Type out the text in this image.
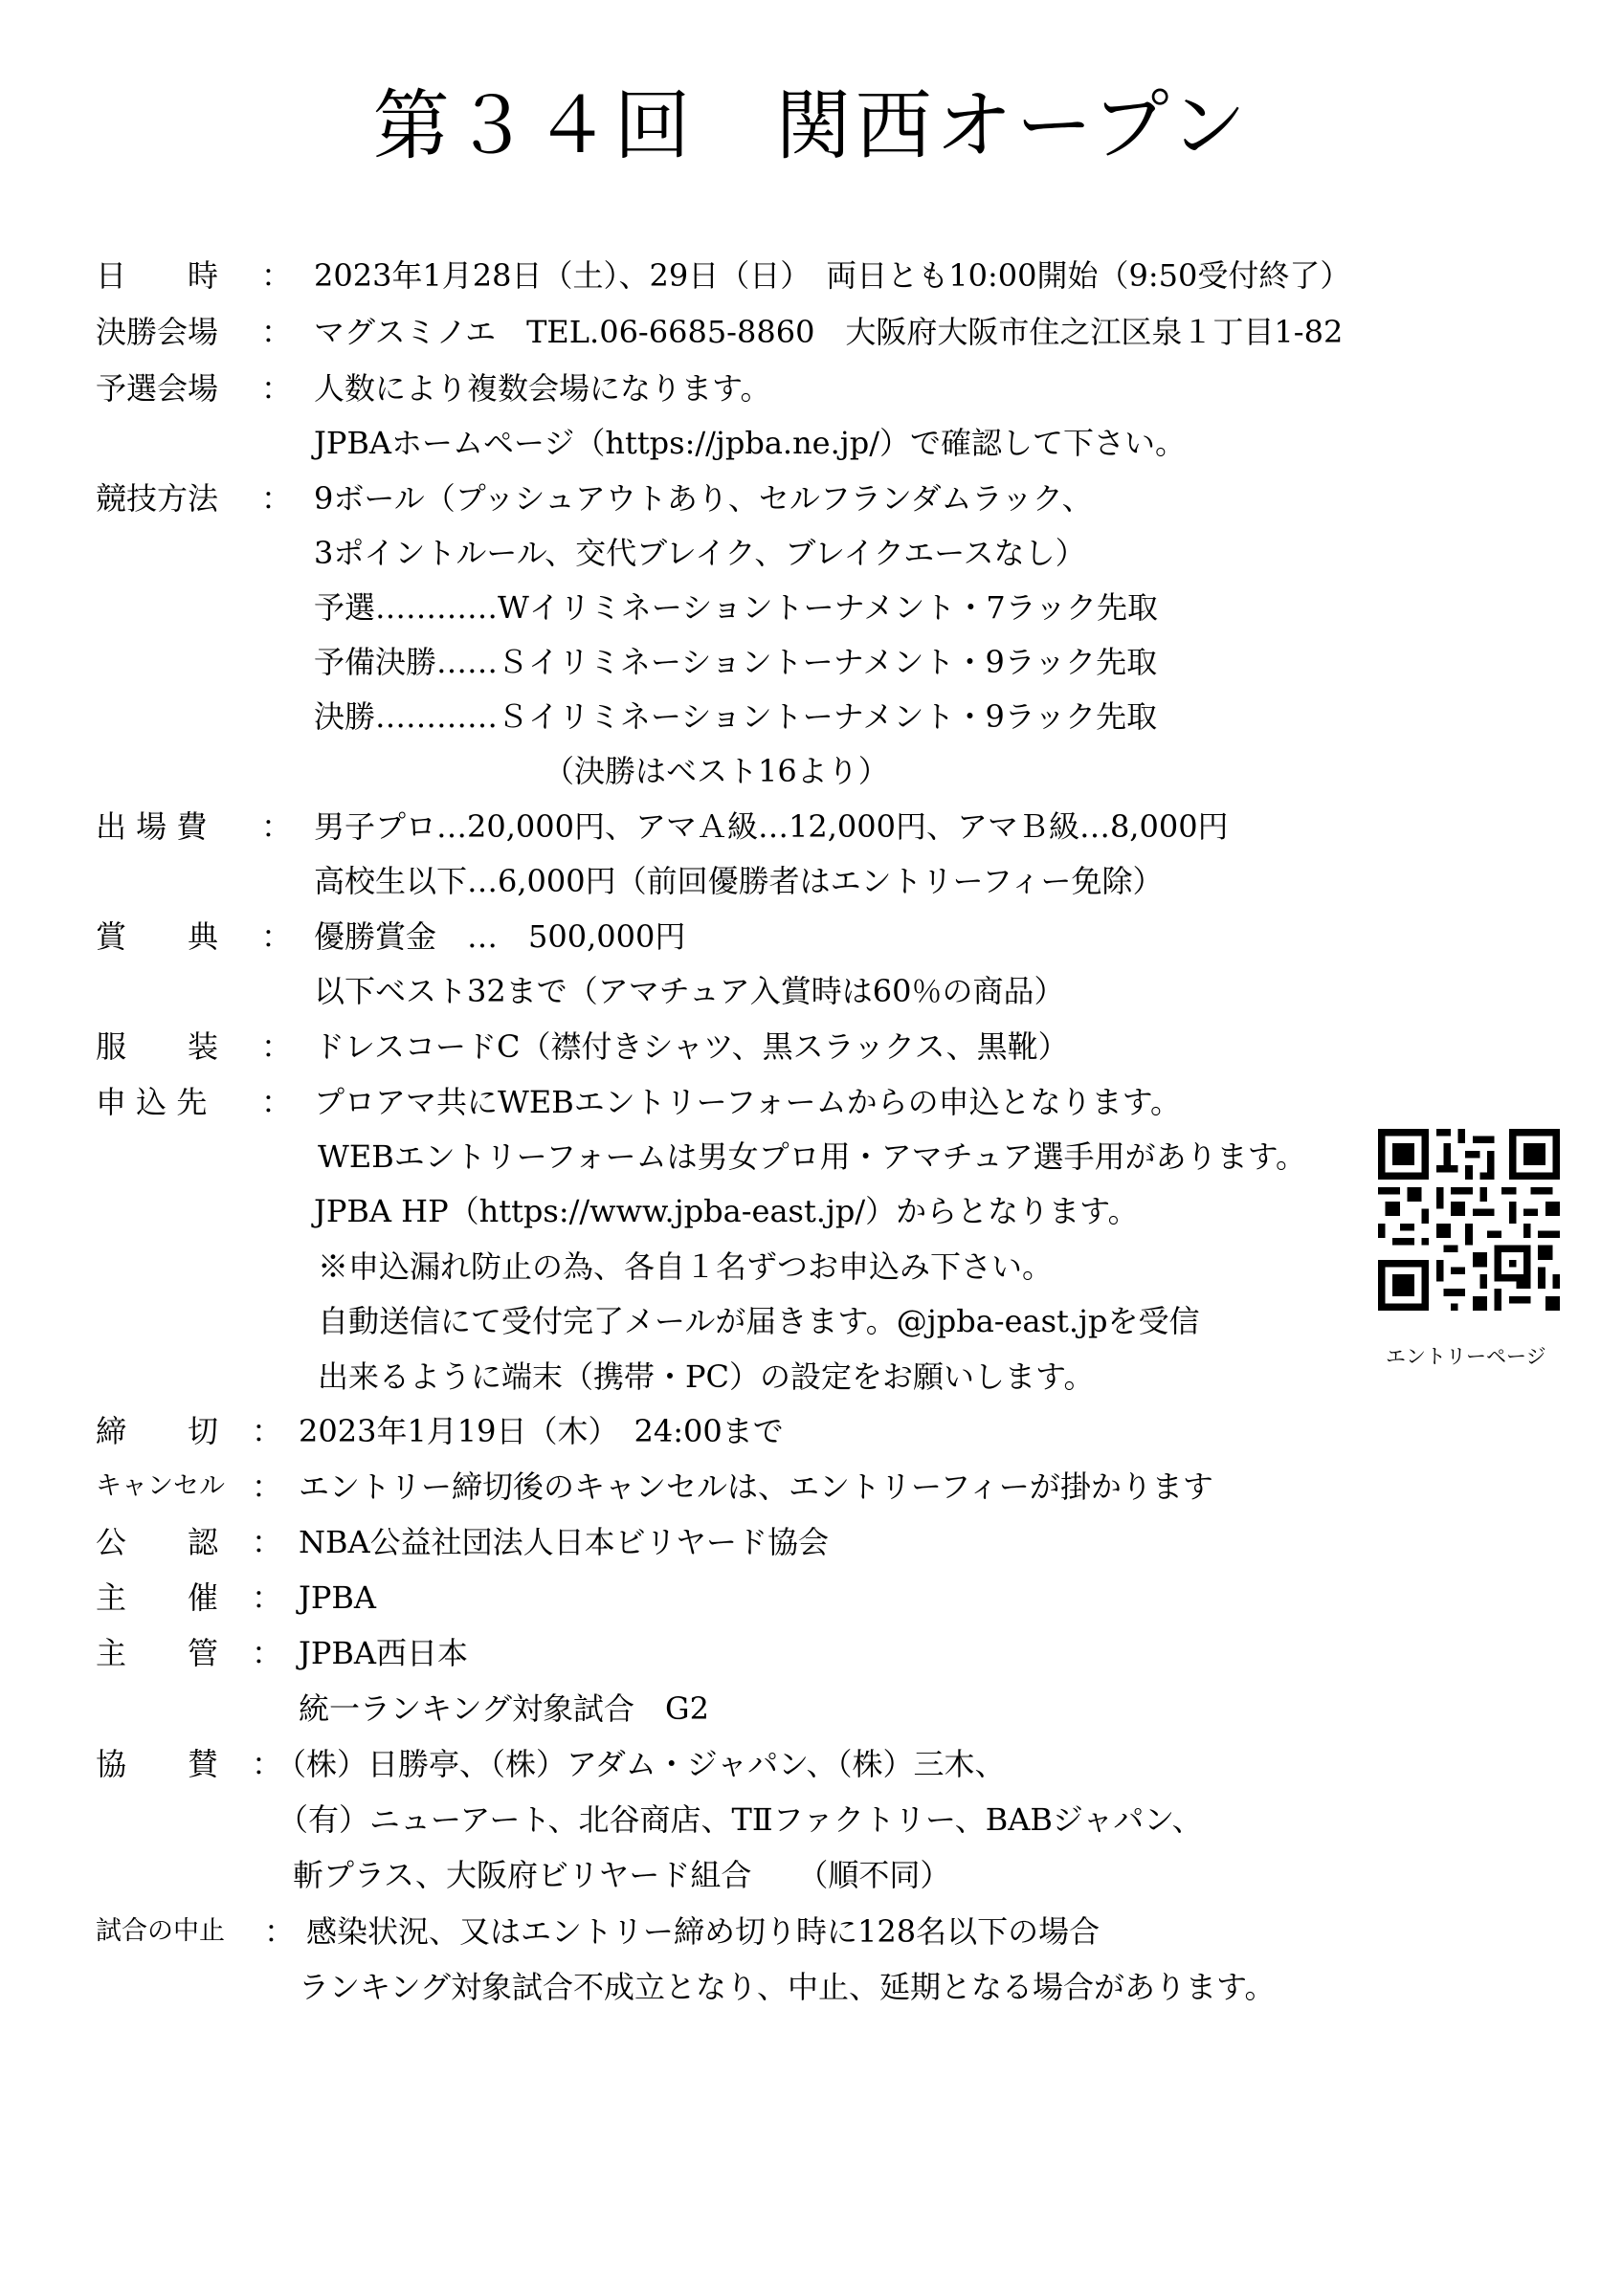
第３４回　関西オープン
日　　時 ： 2023年1月28日（土）、29日（日）　両日とも10:00開始（9:50受付終了）
決勝会場 ： マグスミノエ　TEL.06-6685-8860　大阪府大阪市住之江区泉１丁目1-82
予選会場 ： 人数により複数会場になります。
JPBAホームページ（https://jpba.ne.jp/）で確認して下さい。
競技方法 ： 9ボール（プッシュアウトあり、セルフランダムラック、
3ポイントルール、交代ブレイク、ブレイクエースなし）
予選…………Wイリミネーショントーナメント・7ラック先取
予備決勝……Ｓイリミネーショントーナメント・9ラック先取
決勝…………Ｓイリミネーショントーナメント・9ラック先取
（決勝はベスト16より）
出 場 費 ： 男子プロ…20,000円、アマＡ級…12,000円、アマＢ級…8,000円
高校生以下…6,000円（前回優勝者はエントリーフィー免除）
賞　　典 ： 優勝賞金　…　500,000円
以下ベスト32まで（アマチュア入賞時は60％の商品）
服　　装 ： ドレスコードC（襟付きシャツ、黒スラックス、黒靴）
申 込 先 ： プロアマ共にWEBエントリーフォームからの申込となります。
WEBエントリーフォームは男女プロ用・アマチュア選手用があります。
JPBA HP（https://www.jpba-east.jp/）からとなります。
※申込漏れ防止の為、各自１名ずつお申込み下さい。
自動送信にて受付完了メールが届きます。@jpba-east.jpを受信
出来るように端末（携帯・PC）の設定をお願いします。
エントリーページ
締　　切 ： 2023年1月19日（木）　24:00まで
キャンセル ： エントリー締切後のキャンセルは、エントリーフィーが掛かります
公　　認 ： NBA公益社団法人日本ビリヤード協会
主　　催 ： JPBA
主　　管 ： JPBA西日本
統一ランキング対象試合　G2
協　　賛 ：
（株）日勝亭、（株）アダム・ジャパン、（株）三木、
（有）ニューアート、北谷商店、TⅡファクトリー、BABジャパン、
斬プラス、大阪府ビリヤード組合　　（順不同）
試合の中止 ： 感染状況、又はエントリー締め切り時に128名以下の場合
ランキング対象試合不成立となり、中止、延期となる場合があります。
